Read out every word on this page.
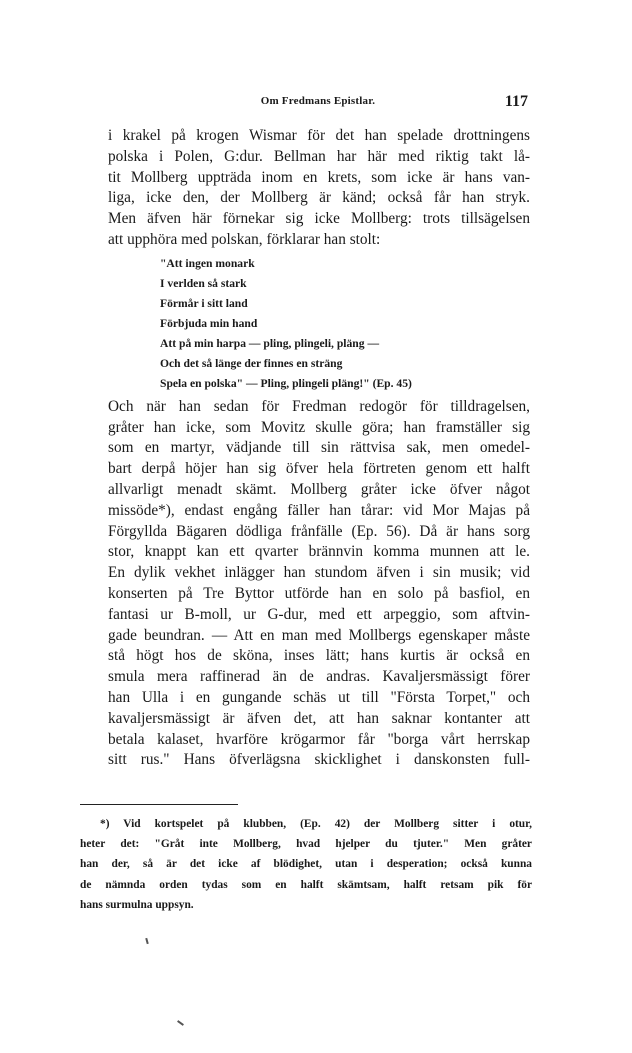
Om Fredmans Epistlar.	117
i krakel på krogen Wismar för det han spelade drottningens
polska i Polen, G:dur. Bellman har här med riktig takt lå-
tit Mollberg uppträda inom en krets, som icke är hans van-
liga, icke den, der Mollberg är känd; också får han stryk.
Men äfven här förnekar sig icke Mollberg: trots tillsägelsen
att upphöra med polskan, förklarar han stolt:
"Att ingen monark
I verlden så stark
Förmår i sitt land
Förbjuda min hand
Att på min harpa — pling, plingeli, pläng —
Och det så länge der finnes en sträng
Spela en polska" — Pling, plingeli pläng!" (Ep. 45)
Och när han sedan för Fredman redogör för tilldragelsen,
gråter han icke, som Movitz skulle göra; han framställer sig
som en martyr, vädjande till sin rättvisa sak, men omedel-
bart derpå höjer han sig öfver hela förtreten genom ett halft
allvarligt menadt skämt. Mollberg gråter icke öfver något
missöde*), endast engång fäller han tårar: vid Mor Majas på
Förgyllda Bägaren dödliga frånfälle (Ep. 56). Då är hans sorg
stor, knappt kan ett qvarter brännvin komma munnen att le.
En dylik vekhet inlägger han stundom äfven i sin musik; vid
konserten på Tre Byttor utförde han en solo på basfiol, en
fantasi ur B-moll, ur G-dur, med ett arpeggio, som aftvin-
gade beundran. — Att en man med Mollbergs egenskaper måste
stå högt hos de sköna, inses lätt; hans kurtis är också en
smula mera raffinerad än de andras. Kavaljersmässigt förer
han Ulla i en gungande schäs ut till "Första Torpet," och
kavaljersmässigt är äfven det, att han saknar kontanter att
betala kalaset, hvarföre krögarmor får "borga vårt herrskap
sitt rus." Hans öfverlägsna skicklighet i danskonsten full-
*) Vid kortspelet på klubben, (Ep. 42) der Mollberg sitter i otur,
heter det: "Gråt inte Mollberg, hvad hjelper du tjuter." Men gråter
han der, så är det icke af blödighet, utan i desperation; också kunna
de nämnda orden tydas som en halft skämtsam, halft retsam pik för
hans surmulna uppsyn.
